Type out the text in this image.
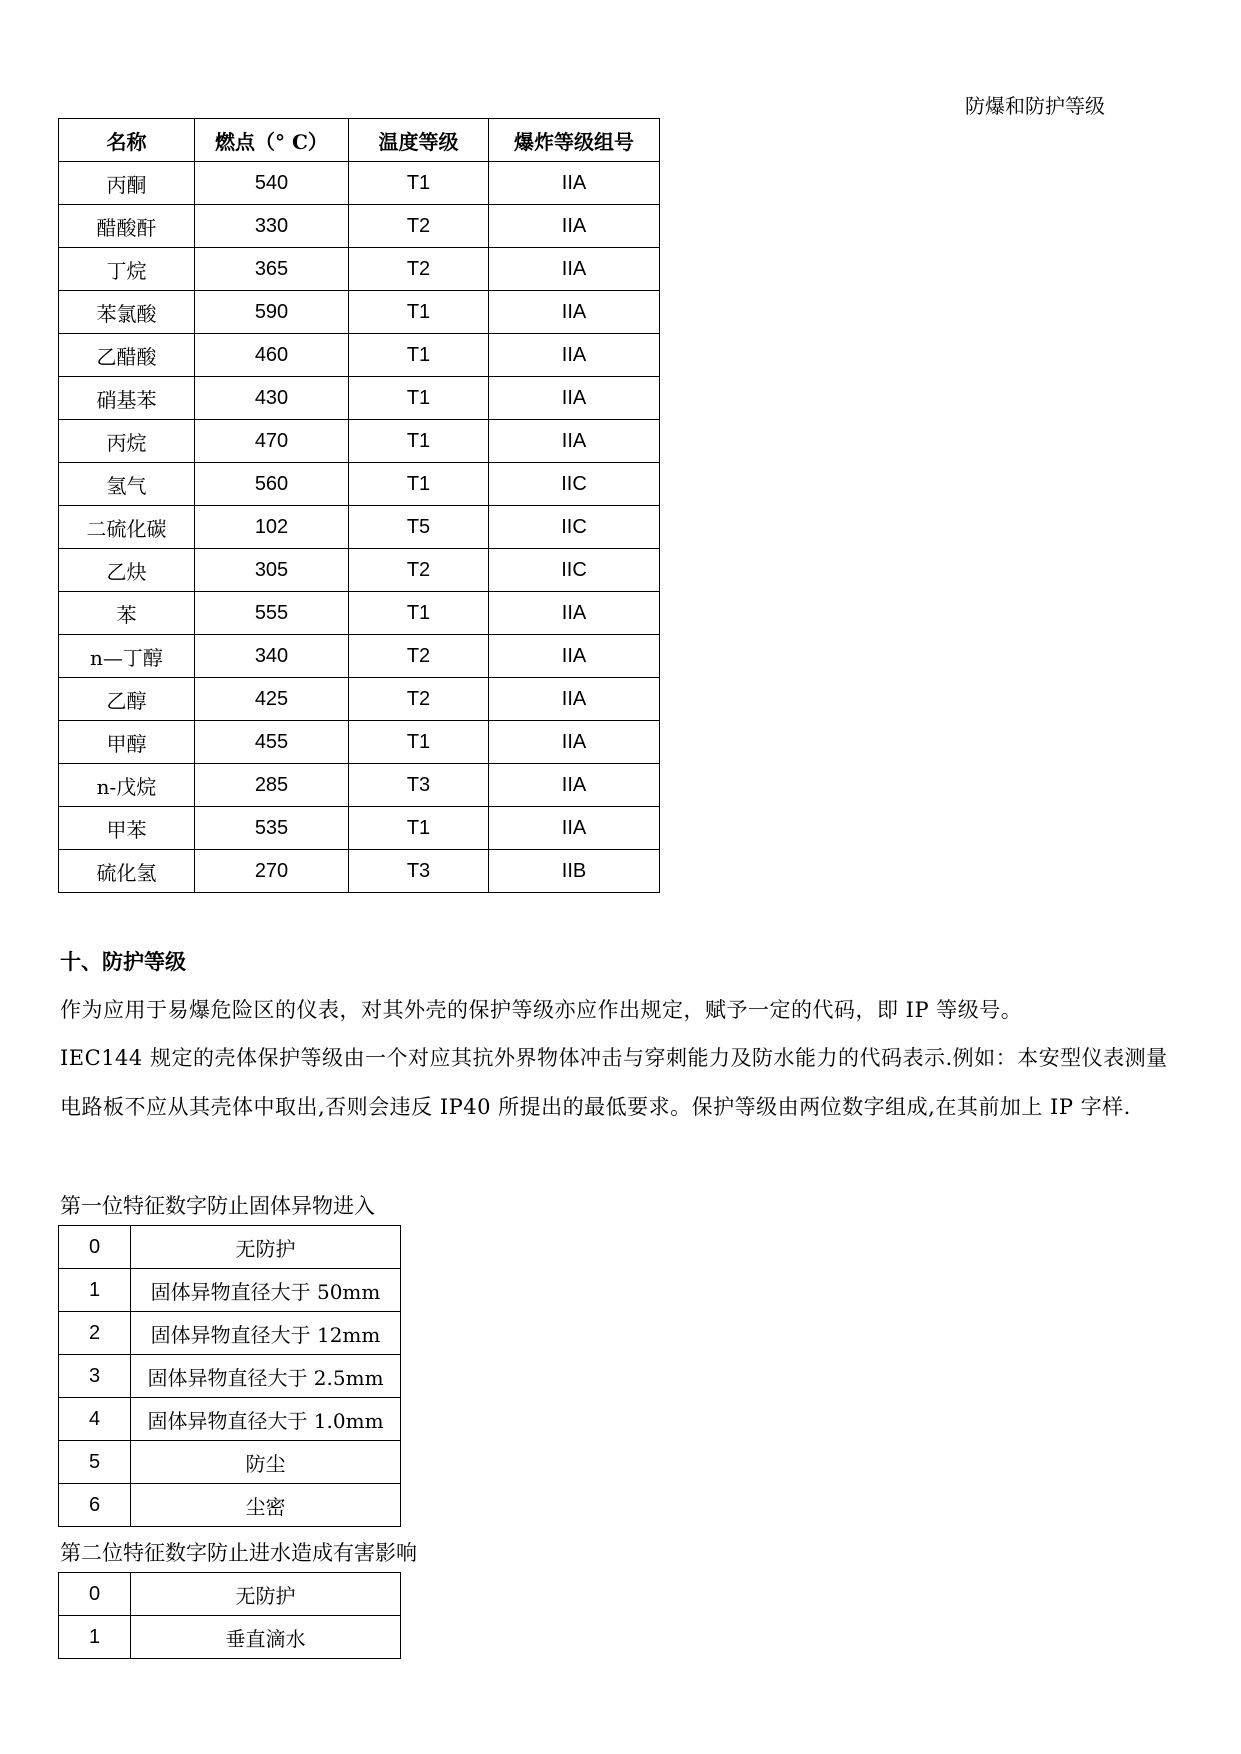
防爆和防护等级
名称	燃点（° C）	温度等级	爆炸等级组号
丙酮	540	T1	IIA
醋酸酐	330	T2	IIA
丁烷	365	T2	IIA
苯氯酸	590	T1	IIA
乙醋酸	460	T1	IIA
硝基苯	430	T1	IIA
丙烷	470	T1	IIA
氢气	560	T1	IIC
二硫化碳	102	T5	IIC
乙炔	305	T2	IIC
苯	555	T1	IIA
n—丁醇	340	T2	IIA
乙醇	425	T2	IIA
甲醇	455	T1	IIA
n-戊烷	285	T3	IIA
甲苯	535	T1	IIA
硫化氢	270	T3	IIB
十、防护等级
作为应用于易爆危险区的仪表，对其外壳的保护等级亦应作出规定，赋予一定的代码，即 IP 等级号。
IEC144 规定的壳体保护等级由一个对应其抗外界物体冲击与穿刺能力及防水能力的代码表示.例如：本安型仪表测量电路板不应从其壳体中取出,否则会违反 IP40 所提出的最低要求。保护等级由两位数字组成,在其前加上 IP 字样.
第一位特征数字防止固体异物进入
0	无防护
1	固体异物直径大于 50mm
2	固体异物直径大于 12mm
3	固体异物直径大于 2.5mm
4	固体异物直径大于 1.0mm
5	防尘
6	尘密
第二位特征数字防止进水造成有害影响
0	无防护
1	垂直滴水
